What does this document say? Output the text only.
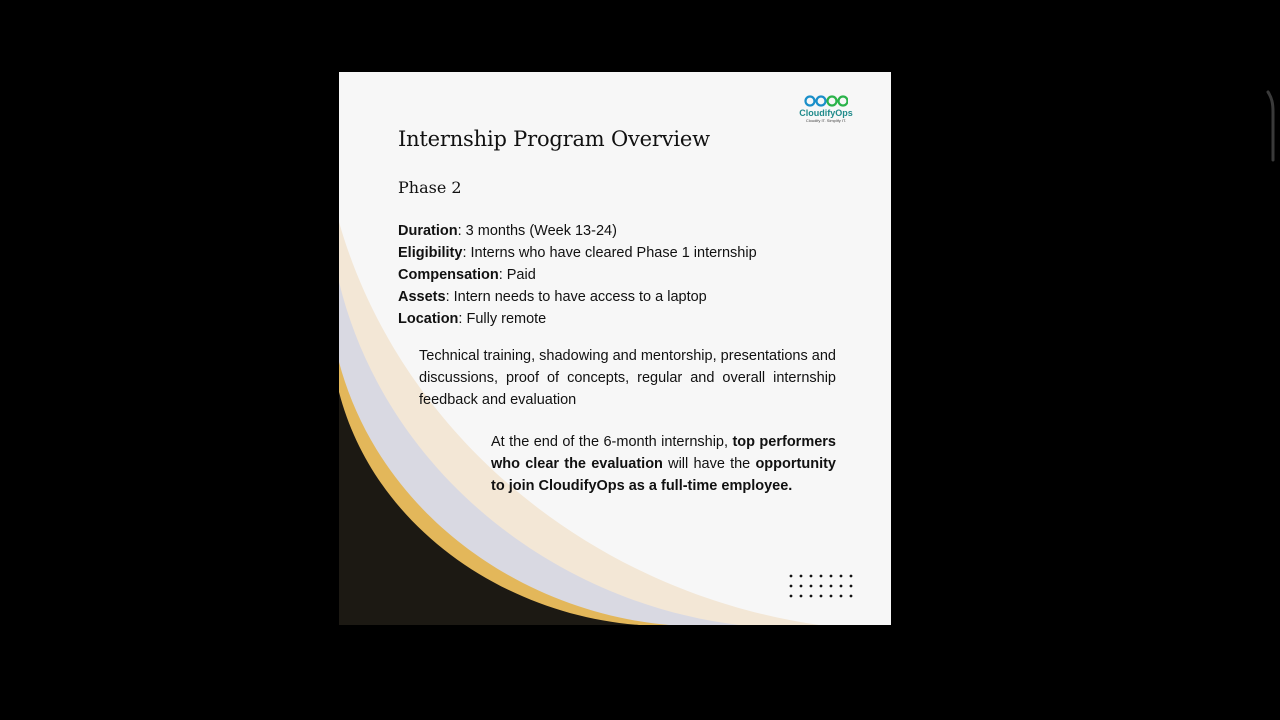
CloudifyOps
Cloudify IT. Simplify IT.
Internship Program Overview
Phase 2
Duration: 3 months (Week 13-24)
Eligibility: Interns who have cleared Phase 1 internship
Compensation: Paid
Assets: Intern needs to have access to a laptop
Location: Fully remote

Technical training, shadowing and mentorship, presentations and discussions, proof of concepts, regular and overall internship feedback and evaluation

At the end of the 6-month internship, top performers who clear the evaluation will have the opportunity to join CloudifyOps as a full-time employee.
